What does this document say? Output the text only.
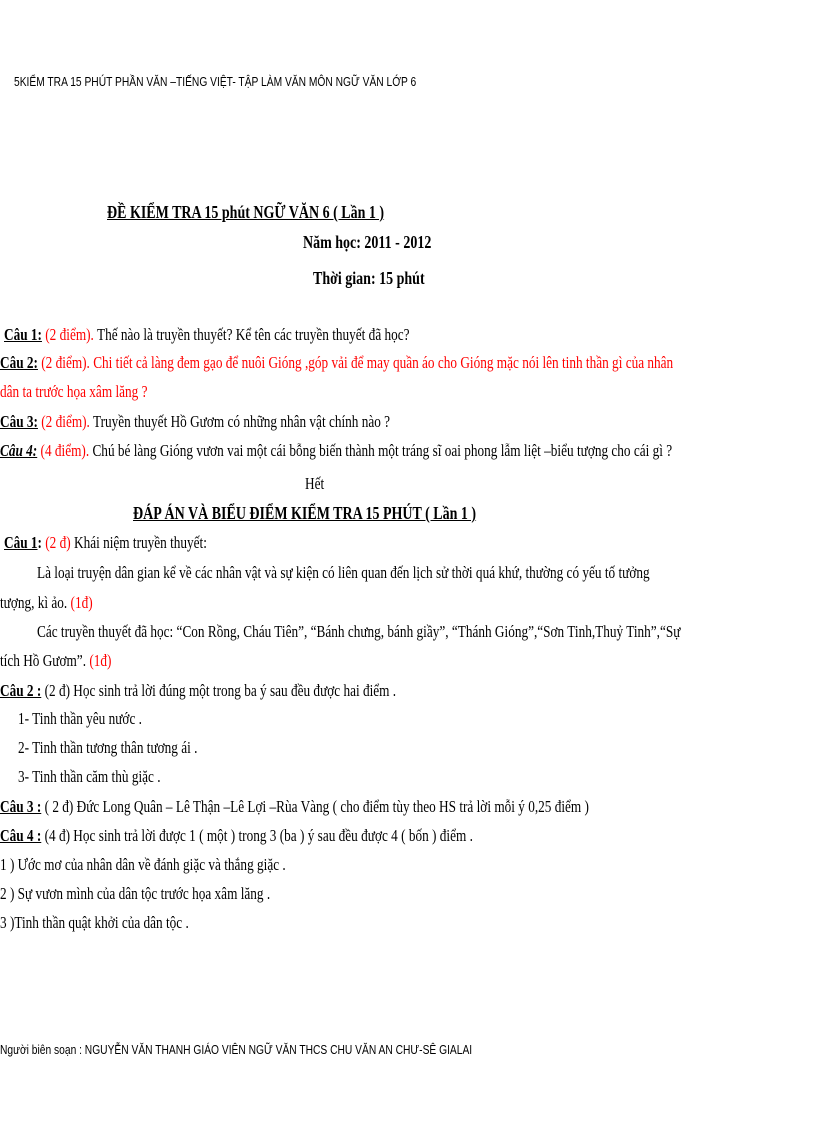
5KIỂM TRA 15 PHÚT PHẦN VĂN –TIẾNG VIỆT- TẬP LÀM VĂN MÔN NGỮ VĂN LỚP 6
ĐỀ KIỂM TRA 15 phút NGỮ VĂN 6 ( Lần 1 )
Năm học: 2011 - 2012
Thời gian: 15 phút
Câu 1: (2 điểm). Thế nào là truyền thuyết? Kể tên các truyền thuyết đã học?
Câu 2: (2 điểm). Chi tiết cả làng đem gạo để nuôi Gióng ,góp vải để may quần áo cho Gióng mặc nói lên tinh thần gì của nhân
dân ta trước họa xâm lăng ?
Câu 3: (2 điểm). Truyền thuyết Hồ Gươm có những nhân vật chính nào ?
Câu 4: (4 điểm). Chú bé làng Gióng vươn vai một cái bỗng biến thành một tráng sĩ oai phong lẫm liệt –biểu tượng cho cái gì ?
Hết
ĐÁP ÁN VÀ BIỂU ĐIỂM KIỂM TRA 15 PHÚT ( Lần 1 )
Câu 1: (2 đ) Khái niệm truyền thuyết:
Là loại truyện dân gian kể về các nhân vật và sự kiện có liên quan đến lịch sử thời quá khứ, thường có yếu tố tưởng
tượng, kì ảo. (1đ)
Các truyền thuyết đã học: “Con Rồng, Cháu Tiên”, “Bánh chưng, bánh giầy”, “Thánh Gióng”,“Sơn Tinh,Thuỷ Tinh”,“Sự
tích Hồ Gươm”. (1đ)
Câu 2 : (2 đ) Học sinh trả lời đúng một trong ba ý sau đều được hai điểm .
1- Tinh thần yêu nước .
2- Tinh thần tương thân tương ái .
3- Tinh thần căm thù giặc .
Câu 3 : ( 2 đ) Đức Long Quân – Lê Thận –Lê Lợi –Rùa Vàng ( cho điểm tùy theo HS trả lời mỗi ý 0,25 điểm )
Câu 4 : (4 đ) Học sinh trả lời được 1 ( một ) trong 3 (ba ) ý sau đều được 4 ( bốn ) điểm .
1 ) Ước mơ của nhân dân về đánh giặc và thắng giặc .
2 ) Sự vươn mình của dân tộc trước họa xâm lăng .
3 )Tinh thần quật khởi của dân tộc .
Người biên soạn : NGUYỄN VĂN THANH GIÁO VIÊN NGỮ VĂN THCS CHU VĂN AN CHƯ-SÊ GIALAI
